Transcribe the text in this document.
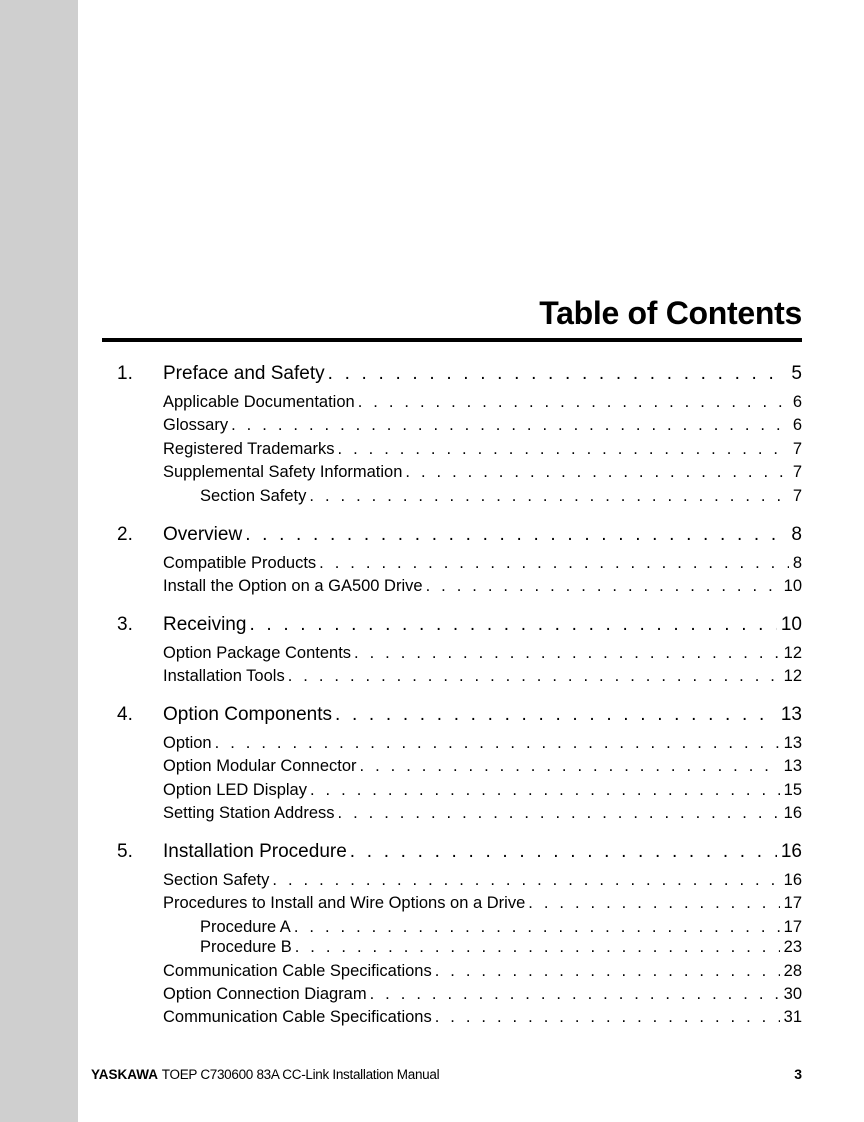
Table of Contents
1. Preface and Safety . . .	5
Applicable Documentation . . .	6
Glossary . . .	6
Registered Trademarks . . .	7
Supplemental Safety Information . . .	7
Section Safety . . .	7
2. Overview . . .	8
Compatible Products . . .	8
Install the Option on a GA500 Drive . . .	10
3. Receiving . . .	10
Option Package Contents . . .	12
Installation Tools . . .	12
4. Option Components . . .	13
Option . . .	13
Option Modular Connector . . .	13
Option LED Display . . .	15
Setting Station Address . . .	16
5. Installation Procedure . . .	16
Section Safety . . .	16
Procedures to Install and Wire Options on a Drive . . .	17
Procedure A . . .	17
Procedure B . . .	23
Communication Cable Specifications . . .	28
Option Connection Diagram . . .	30
Communication Cable Specifications . . .	31
YASKAWA TOEP C730600 83A CC-Link Installation Manual	3
